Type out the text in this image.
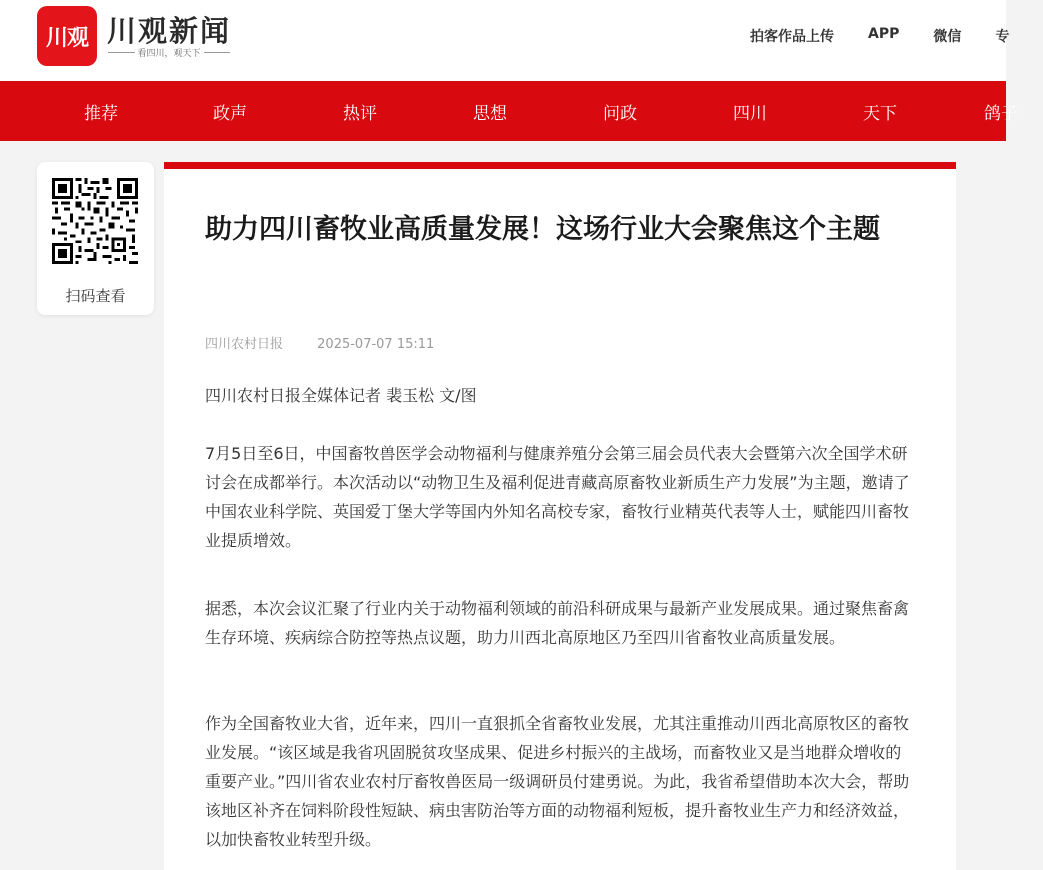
川观 川观新闻
看四川，观天下
拍客作品上传 APP 微信 专
推荐	政声	热评	思想	问政	四川	天下	鸽子
扫码查看
助力四川畜牧业高质量发展！这场行业大会聚焦这个主题
四川农村日报	2025-07-07 15:11

四川农村日报全媒体记者 裴玉松 文/图

7月5日至6日，中国畜牧兽医学会动物福利与健康养殖分会第三届会员代表大会暨第六次全国学术研讨会在成都举行。本次活动以“动物卫生及福利促进青藏高原畜牧业新质生产力发展”为主题，邀请了中国农业科学院、英国爱丁堡大学等国内外知名高校专家，畜牧行业精英代表等人士，赋能四川畜牧业提质增效。

据悉，本次会议汇聚了行业内关于动物福利领域的前沿科研成果与最新产业发展成果。通过聚焦畜禽生存环境、疾病综合防控等热点议题，助力川西北高原地区乃至四川省畜牧业高质量发展。

作为全国畜牧业大省，近年来，四川一直狠抓全省畜牧业发展，尤其注重推动川西北高原牧区的畜牧业发展。“该区域是我省巩固脱贫攻坚成果、促进乡村振兴的主战场，而畜牧业又是当地群众增收的重要产业。”四川省农业农村厅畜牧兽医局一级调研员付建勇说。为此，我省希望借助本次大会，帮助该地区补齐在饲料阶段性短缺、病虫害防治等方面的动物福利短板，提升畜牧业生产力和经济效益，以加快畜牧业转型升级。
